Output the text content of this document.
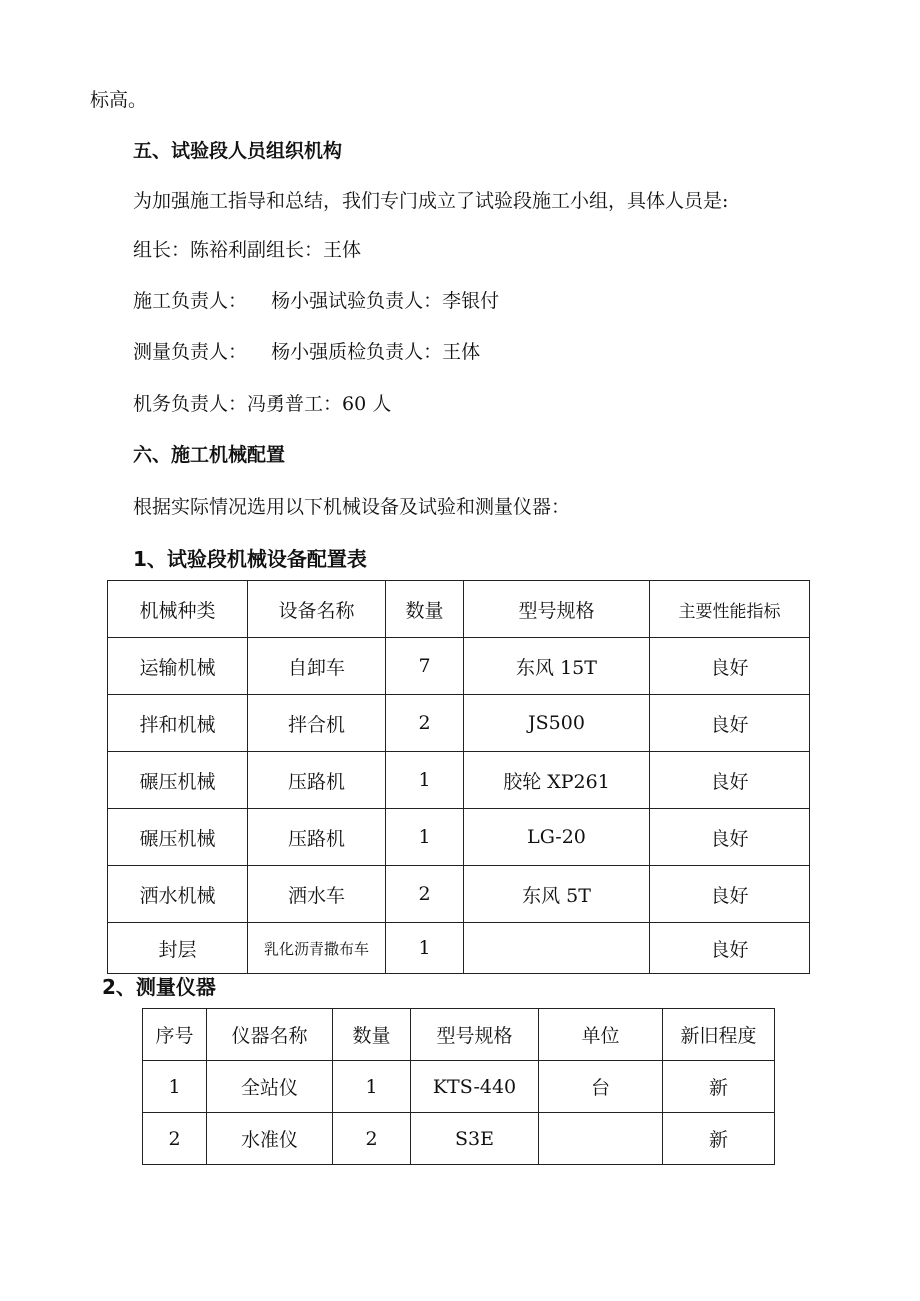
标高。
五、试验段人员组织机构
为加强施工指导和总结，我们专门成立了试验段施工小组，具体人员是:
组长：陈裕利副组长：王体
施工负责人：    杨小强试验负责人：李银付
测量负责人：    杨小强质检负责人：王体
机务负责人：冯勇普工：60 人
六、施工机械配置
根据实际情况选用以下机械设备及试验和测量仪器：
1、试验段机械设备配置表
机械种类	设备名称	数量	型号规格	主要性能指标
运输机械	自卸车	7	东风 15T	良好
拌和机械	拌合机	2	JS500	良好
碾压机械	压路机	1	胶轮 XP261	良好
碾压机械	压路机	1	LG-20	良好
洒水机械	洒水车	2	东风 5T	良好
封层	乳化沥青撒布车	1		良好
2、测量仪器
序号	仪器名称	数量	型号规格	单位	新旧程度
1	全站仪	1	KTS-440	台	新
2	水准仪	2	S3E		新
